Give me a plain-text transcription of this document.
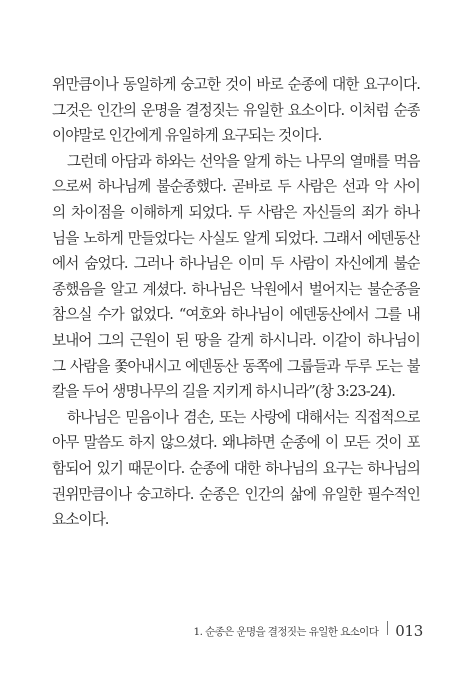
위만큼이나 동일하게 숭고한 것이 바로 순종에 대한 요구이다.
그것은 인간의 운명을 결정짓는 유일한 요소이다. 이처럼 순종
이야말로 인간에게 유일하게 요구되는 것이다.
그런데 아담과 하와는 선악을 알게 하는 나무의 열매를 먹음
으로써 하나님께 불순종했다. 곧바로 두 사람은 선과 악 사이
의 차이점을 이해하게 되었다. 두 사람은 자신들의 죄가 하나
님을 노하게 만들었다는 사실도 알게 되었다. 그래서 에덴동산
에서 숨었다. 그러나 하나님은 이미 두 사람이 자신에게 불순
종했음을 알고 계셨다. 하나님은 낙원에서 벌어지는 불순종을
참으실 수가 없었다. “여호와 하나님이 에덴동산에서 그를 내
보내어 그의 근원이 된 땅을 갈게 하시니라. 이같이 하나님이
그 사람을 쫓아내시고 에덴동산 동쪽에 그룹들과 두루 도는 불
칼을 두어 생명나무의 길을 지키게 하시니라”(창 3:23-24).
하나님은 믿음이나 겸손, 또는 사랑에 대해서는 직접적으로
아무 말씀도 하지 않으셨다. 왜냐하면 순종에 이 모든 것이 포
함되어 있기 때문이다. 순종에 대한 하나님의 요구는 하나님의
권위만큼이나 숭고하다. 순종은 인간의 삶에 유일한 필수적인
요소이다.
1. 순종은 운명을 결정짓는 유일한 요소이다 013
